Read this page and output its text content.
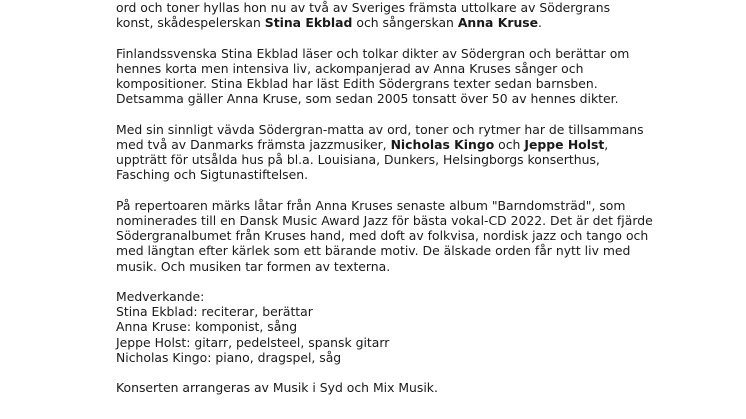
ord och toner hyllas hon nu av två av Sveriges främsta uttolkare av Södergrans
konst, skådespelerskan Stina Ekblad och sångerskan Anna Kruse.

Finlandssvenska Stina Ekblad läser och tolkar dikter av Södergran och berättar om hennes korta men intensiva liv, ackompanjerad av Anna Kruses sånger och kompositioner. Stina Ekblad har läst Edith Södergrans texter sedan barnsben. Detsamma gäller Anna Kruse, som sedan 2005 tonsatt över 50 av hennes dikter.

Med sin sinnligt vävda Södergran-matta av ord, toner och rytmer har de tillsammans med två av Danmarks främsta jazzmusiker, Nicholas Kingo och Jeppe Holst, uppträtt för utsålda hus på bl.a. Louisiana, Dunkers, Helsingborgs konserthus, Fasching och Sigtunastiftelsen.

På repertoaren märks låtar från Anna Kruses senaste album "Barndomsträd", som nominerades till en Dansk Music Award Jazz för bästa vokal-CD 2022. Det är det fjärde Södergranalbumet från Kruses hand, med doft av folkvisa, nordisk jazz och tango och med längtan efter kärlek som ett bärande motiv. De älskade orden får nytt liv med musik. Och musiken tar formen av texterna.

Medverkande:

Stina Ekblad: reciterar, berättar

Anna Kruse: komponist, sång

Jeppe Holst: gitarr, pedelsteel, spansk gitarr

Nicholas Kingo: piano, dragspel, såg

Konserten arrangeras av Musik i Syd och Mix Musik.
